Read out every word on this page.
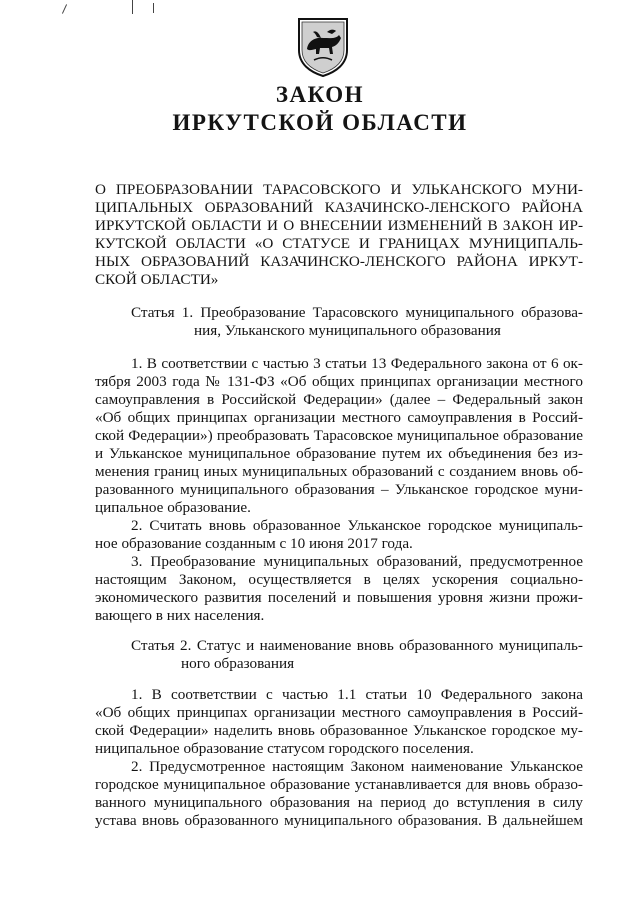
ЗАКОН
ИРКУТСКОЙ ОБЛАСТИ
О ПРЕОБРАЗОВАНИИ ТАРАСОВСКОГО И УЛЬКАНСКОГО МУНИ-
ЦИПАЛЬНЫХ ОБРАЗОВАНИЙ КАЗАЧИНСКО-ЛЕНСКОГО РАЙОНА
ИРКУТСКОЙ ОБЛАСТИ И О ВНЕСЕНИИ ИЗМЕНЕНИЙ В ЗАКОН ИР-
КУТСКОЙ ОБЛАСТИ «О СТАТУСЕ И ГРАНИЦАХ МУНИЦИПАЛЬ-
НЫХ ОБРАЗОВАНИЙ КАЗАЧИНСКО-ЛЕНСКОГО РАЙОНА ИРКУТ-
СКОЙ ОБЛАСТИ»
Статья 1. Преобразование Тарасовского муниципального образова-
ния, Ульканского муниципального образования
1. В соответствии с частью 3 статьи 13 Федерального закона от 6 ок-
тября 2003 года № 131-ФЗ «Об общих принципах организации местного
самоуправления в Российской Федерации» (далее – Федеральный закон
«Об общих принципах организации местного самоуправления в Россий-
ской Федерации») преобразовать Тарасовское муниципальное образование
и Ульканское муниципальное образование путем их объединения без из-
менения границ иных муниципальных образований с созданием вновь об-
разованного муниципального образования – Ульканское городское муни-
ципальное образование.
2. Считать вновь образованное Ульканское городское муниципаль-
ное образование созданным с 10 июня 2017 года.
3. Преобразование муниципальных образований, предусмотренное
настоящим Законом, осуществляется в целях ускорения социально-
экономического развития поселений и повышения уровня жизни прожи-
вающего в них населения.
Статья 2. Статус и наименование вновь образованного муниципаль-
ного образования
1. В соответствии с частью 1.1 статьи 10 Федерального закона
«Об общих принципах организации местного самоуправления в Россий-
ской Федерации» наделить вновь образованное Ульканское городское му-
ниципальное образование статусом городского поселения.
2. Предусмотренное настоящим Законом наименование Ульканское
городское муниципальное образование устанавливается для вновь образо-
ванного муниципального образования на период до вступления в силу
устава вновь образованного муниципального образования. В дальнейшем
